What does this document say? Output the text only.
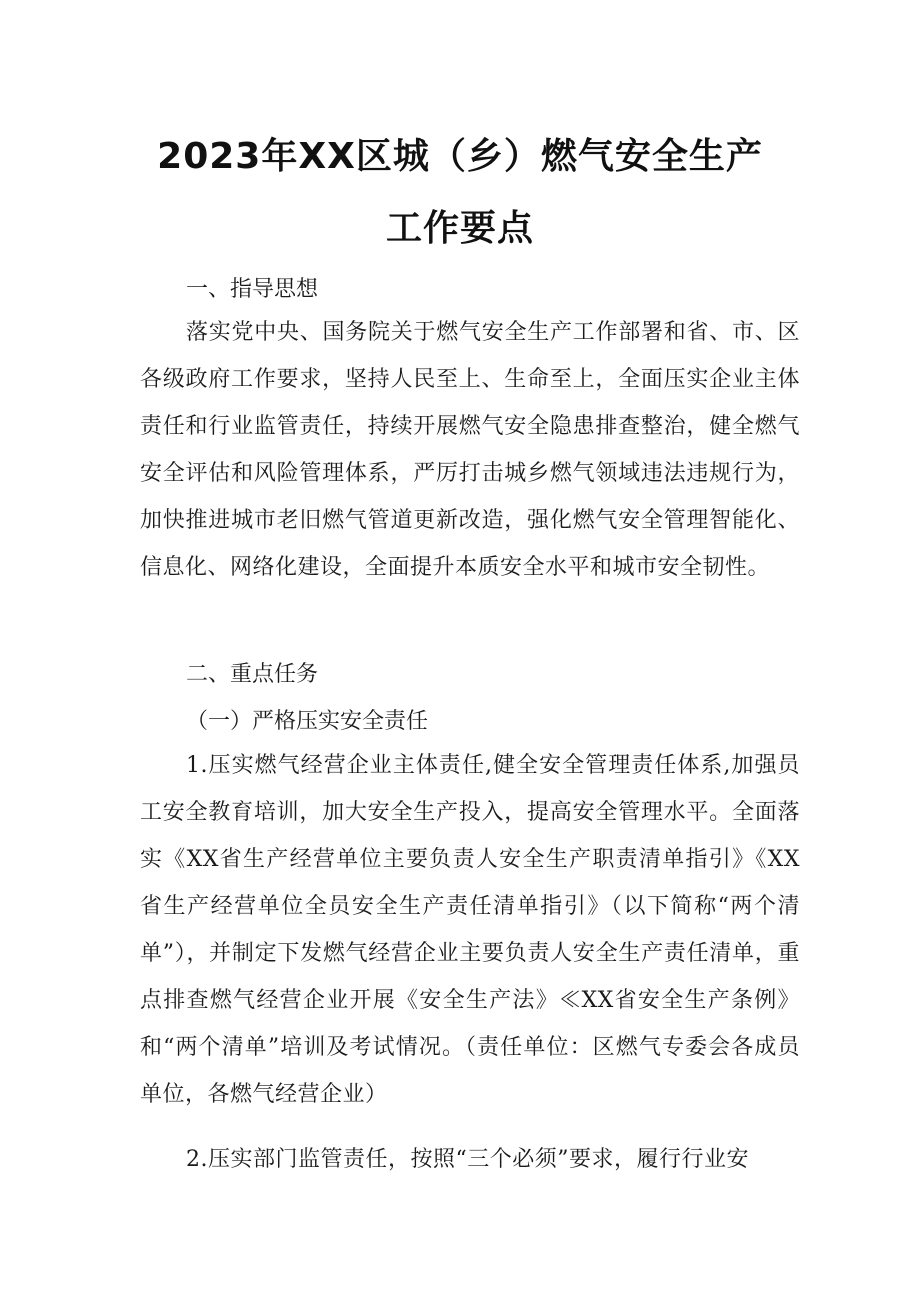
2023年XX区城（乡）燃气安全生产
工作要点
一、指导思想

落实党中央、国务院关于燃气安全生产工作部署和省、市、区各级政府工作要求，坚持人民至上、生命至上，全面压实企业主体责任和行业监管责任，持续开展燃气安全隐患排查整治，健全燃气安全评估和风险管理体系，严厉打击城乡燃气领域违法违规行为，加快推进城市老旧燃气管道更新改造，强化燃气安全管理智能化、信息化、网络化建设，全面提升本质安全水平和城市安全韧性。

二、重点任务
（一）严格压实安全责任

1.压实燃气经营企业主体责任,健全安全管理责任体系,加强员工安全教育培训，加大安全生产投入，提高安全管理水平。全面落实《XX省生产经营单位主要负责人安全生产职责清单指引》《XX省生产经营单位全员安全生产责任清单指引》（以下简称“两个清单”），并制定下发燃气经营企业主要负责人安全生产责任清单，重点排查燃气经营企业开展《安全生产法》≪XX省安全生产条例》和“两个清单”培训及考试情况。（责任单位：区燃气专委会各成员单位，各燃气经营企业）

2.压实部门监管责任，按照“三个必须”要求，履行行业安
